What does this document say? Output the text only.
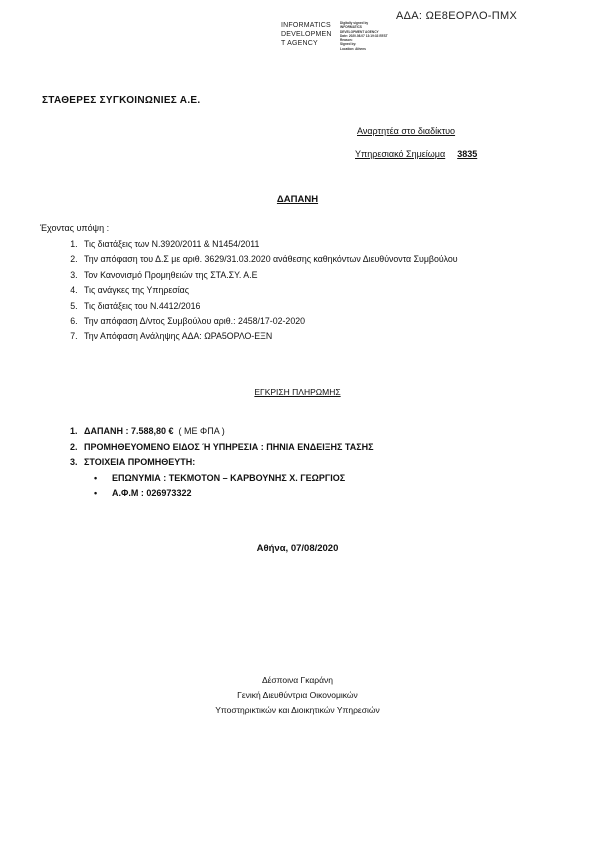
ΑΔΑ: ΩΕ8ΕΟΡΛΟ-ΠΜΧ
INFORMATICS
DEVELOPMEN
T AGENCY
Digitally signed by
INFORMATICS
DEVELOPMENT AGENCY
Date: 2020.08.07 13:19:33 EEST
Reason:
Signed by:
Location: Athens
ΣΤΑΘΕΡΕΣ ΣΥΓΚΟΙΝΩΝΙΕΣ Α.Ε.
Αναρτητέα στο διαδίκτυο
Υπηρεσιακό Σημείωμα 3835
ΔΑΠΑΝΗ
Έχοντας υπόψη :
1. Τις διατάξεις των Ν.3920/2011 & Ν1454/2011
2. Την απόφαση του Δ.Σ με αριθ. 3629/31.03.2020 ανάθεσης καθηκόντων Διευθύνοντα Συμβούλου
3. Τον Κανονισμό Προμηθειών της ΣΤΑ.ΣΥ. Α.Ε
4. Τις ανάγκες της Υπηρεσίας
5. Τις διατάξεις του Ν.4412/2016
6. Την απόφαση Δ/ντος Συμβούλου αριθ.: 2458/17-02-2020
7. Την Απόφαση Ανάληψης ΑΔΑ: ΩΡΑ5ΟΡΛΟ-ΕΞΝ
ΕΓΚΡΙΣΗ ΠΛΗΡΩΜΗΣ
1. ΔΑΠΑΝΗ : 7.588,80 € ( ΜΕ ΦΠΑ )
2. ΠΡΟΜΗΘΕΥΟΜΕΝΟ ΕΙΔΟΣ Ή ΥΠΗΡΕΣΙΑ : ΠΗΝΙΑ ΕΝΔΕΙΞΗΣ ΤΑΣΗΣ
3. ΣΤΟΙΧΕΙΑ ΠΡΟΜΗΘΕΥΤΗ:
• ΕΠΩΝΥΜΙΑ : ΤΕΚΜΟΤΟΝ – ΚΑΡΒΟΥΝΗΣ Χ. ΓΕΩΡΓΙΟΣ
• Α.Φ.Μ : 026973322
Αθήνα, 07/08/2020
Δέσποινα Γκαράνη
Γενική Διευθύντρια Οικονομικών
Υποστηρικτικών και Διοικητικών Υπηρεσιών
